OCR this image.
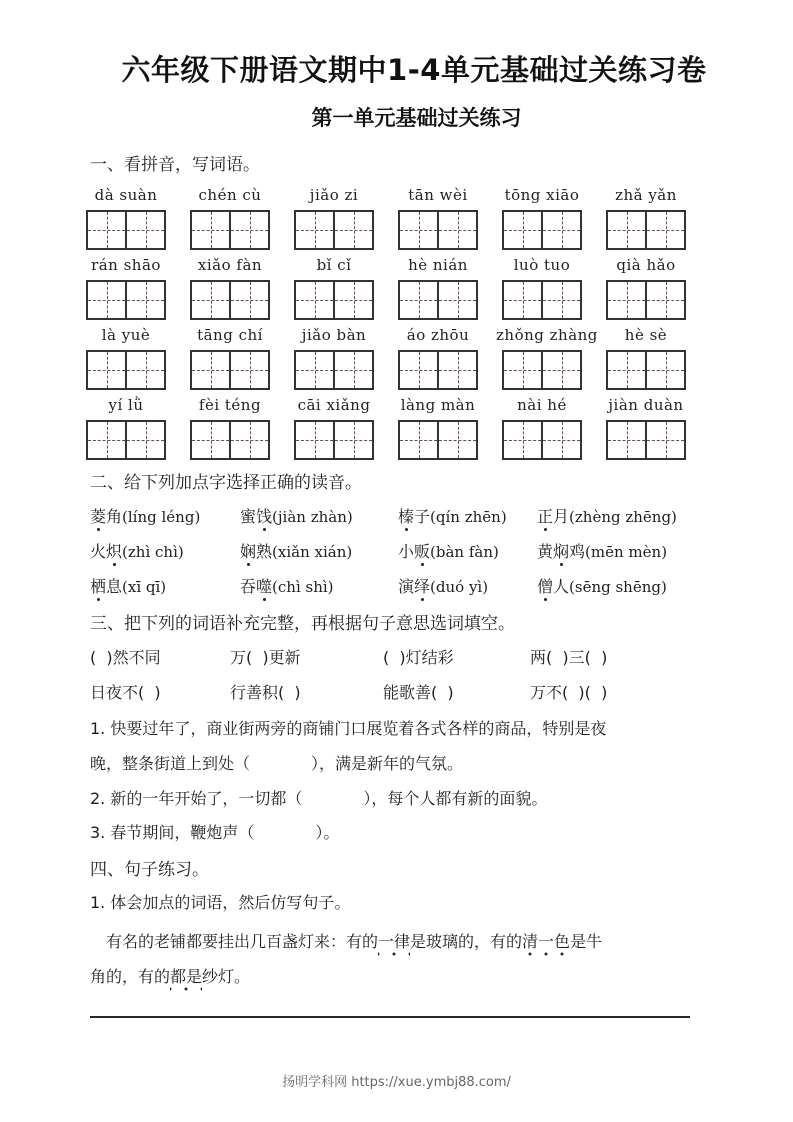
六年级下册语文期中1-4单元基础过关练习卷
第一单元基础过关练习
一、看拼音，写词语。
dà suàn	chén cù	jiǎo zi	tān wèi	tōng xiāo	zhǎ yǎn
rán shāo	xiǎo fàn	bǐ cǐ	hè nián	luò tuo	qià hǎo
là yuè	tāng chí	jiǎo bàn	áo zhōu	zhǒng zhàng	hè sè
yí lǜ	fèi téng	cāi xiǎng	làng màn	nài hé	jiàn duàn
二、给下列加点字选择正确的读音。
菱角(líng léng) 蜜饯(jiàn zhàn)	榛子(qín zhēn) 正月(zhèng zhēng)
火炽(zhì chì)	娴熟(xiǎn xián)	小贩(bàn fàn) 黄焖鸡(mēn mèn)
栖息(xī qī)	吞噬(chì shì)	演绎(duó yì)	僧人(sēng shēng)
三、把下列的词语补充完整，再根据句子意思选词填空。
(  )然不同	万(  )更新	(  )灯结彩	两(  )三(  )
日夜不(  )	行善积(  )	能歌善(  )	万不(  )(  )
1. 快要过年了，商业街两旁的商铺门口展览着各式各样的商品，特别是夜
晚，整条街道上到处（            ），满是新年的气氛。
2. 新的一年开始了，一切都（            ），每个人都有新的面貌。
3. 春节期间，鞭炮声（            ）。
四、句子练习。
1. 体会加点的词语，然后仿写句子。
有名的老铺都要挂出几百盏灯来：有的一律是玻璃的，有的清一色是牛
角的，有的都是纱灯。
扬明学科网 https://xue.ymbj88.com/
